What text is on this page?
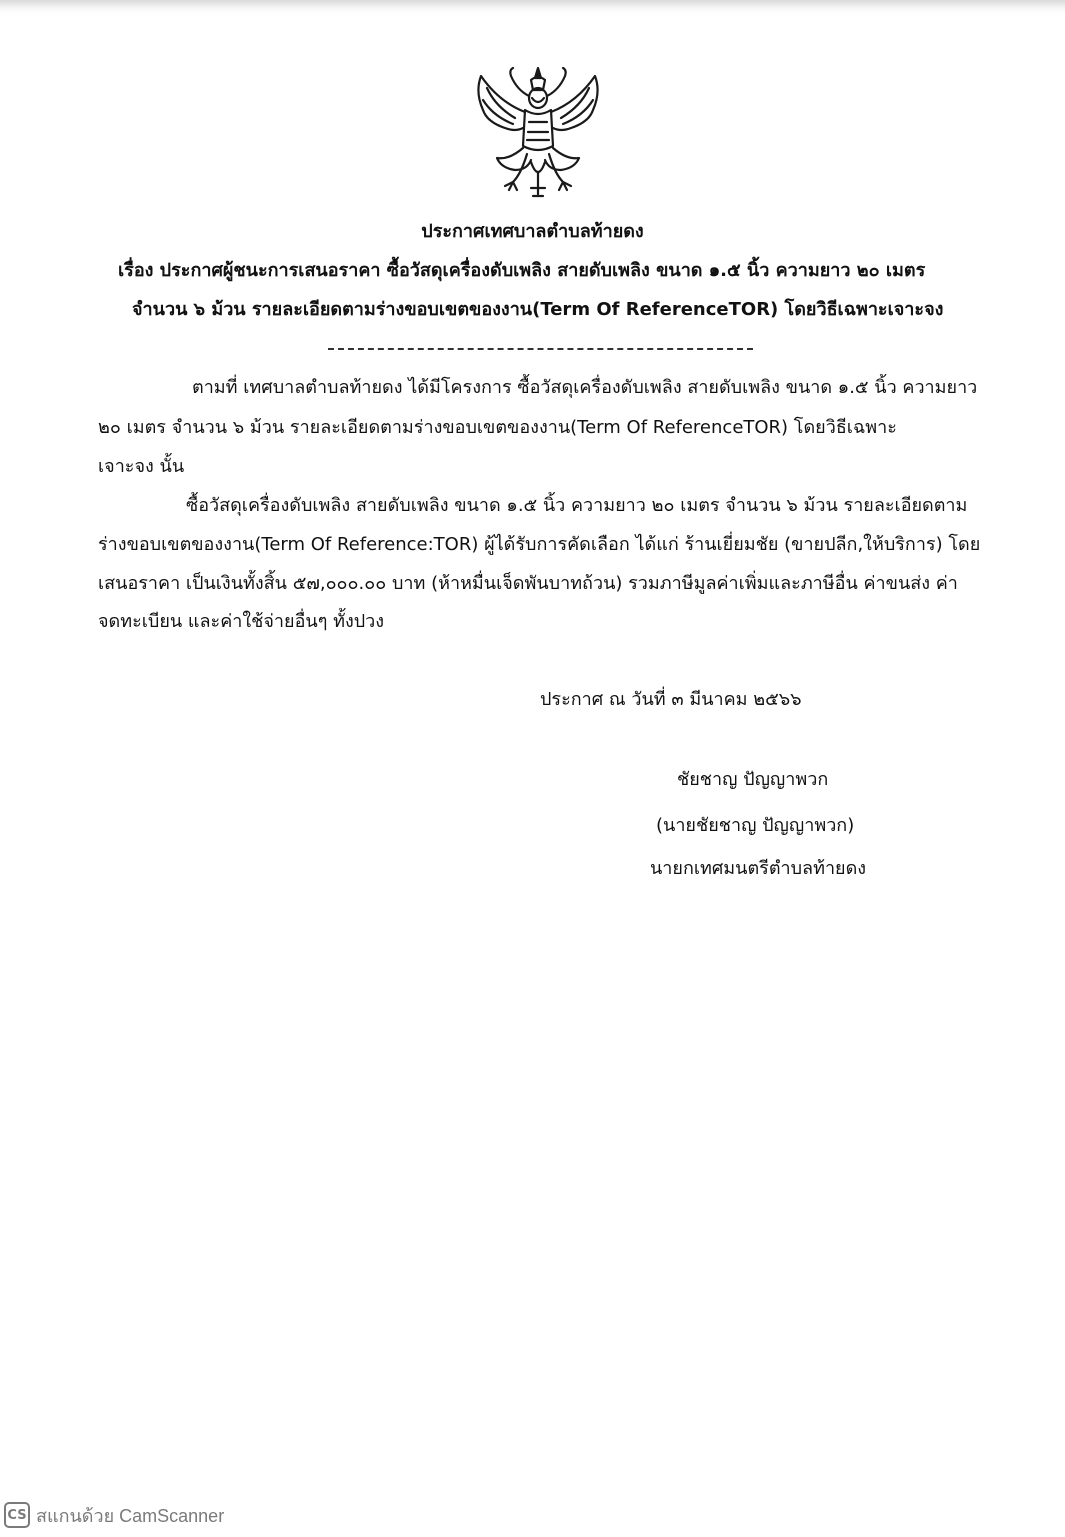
ประกาศเทศบาลตำบลท้ายดง
เรื่อง ประกาศผู้ชนะการเสนอราคา ซื้อวัสดุเครื่องดับเพลิง สายดับเพลิง ขนาด ๑.๕ นิ้ว ความยาว ๒๐ เมตร
จำนวน ๖ ม้วน รายละเอียดตามร่างขอบเขตของงาน(Term Of ReferenceTOR) โดยวิธีเฉพาะเจาะจง
ตามที่ เทศบาลตำบลท้ายดง ได้มีโครงการ ซื้อวัสดุเครื่องดับเพลิง สายดับเพลิง ขนาด ๑.๕ นิ้ว ความยาว
๒๐ เมตร จำนวน ๖ ม้วน รายละเอียดตามร่างขอบเขตของงาน(Term Of ReferenceTOR) โดยวิธีเฉพาะ
เจาะจง นั้น
ซื้อวัสดุเครื่องดับเพลิง สายดับเพลิง ขนาด ๑.๕ นิ้ว ความยาว ๒๐ เมตร จำนวน ๖ ม้วน รายละเอียดตาม
ร่างขอบเขตของงาน(Term Of Reference:TOR) ผู้ได้รับการคัดเลือก ได้แก่ ร้านเยี่ยมชัย (ขายปลีก,ให้บริการ) โดย
เสนอราคา เป็นเงินทั้งสิ้น ๕๗,๐๐๐.๐๐ บาท (ห้าหมื่นเจ็ดพันบาทถ้วน) รวมภาษีมูลค่าเพิ่มและภาษีอื่น ค่าขนส่ง ค่า
จดทะเบียน และค่าใช้จ่ายอื่นๆ ทั้งปวง
ประกาศ ณ วันที่ ๓ มีนาคม ๒๕๖๖
ชัยชาญ ปัญญาพวก
(นายชัยชาญ ปัญญาพวก)
นายกเทศมนตรีตำบลท้ายดง
CS สแกนด้วย CamScanner
